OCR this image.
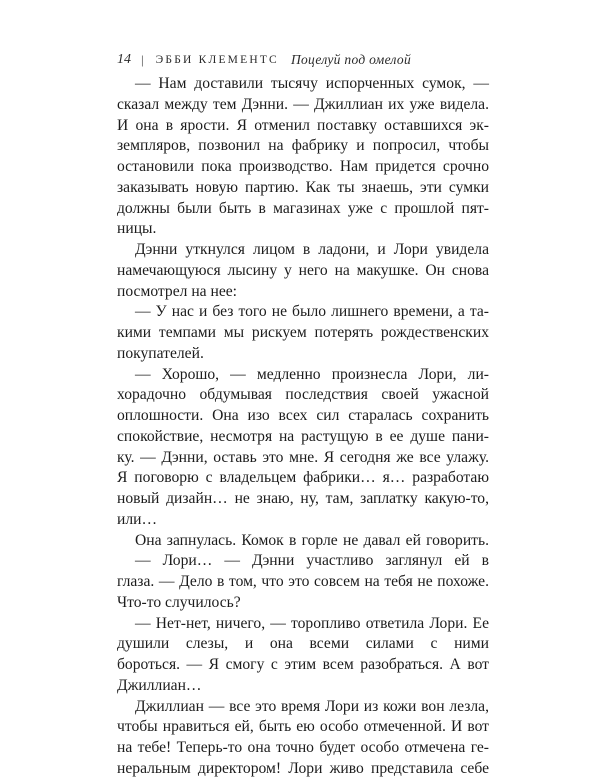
14 | ЭББИ КЛЕМЕНТС Поцелуй под омелой
— Нам доставили тысячу испорченных сумок, —
сказал между тем Дэнни. — Джиллиан их уже видела.
И она в ярости. Я отменил поставку оставшихся эк-
земпляров, позвонил на фабрику и попросил, чтобы
остановили пока производство. Нам придется срочно
заказывать новую партию. Как ты знаешь, эти сумки
должны были быть в магазинах уже с прошлой пят-
ницы.
Дэнни уткнулся лицом в ладони, и Лори увидела
намечающуюся лысину у него на макушке. Он снова
посмотрел на нее:
— У нас и без того не было лишнего времени, а та-
кими темпами мы рискуем потерять рождественских
покупателей.
— Хорошо, — медленно произнесла Лори, ли-
хорадочно обдумывая последствия своей ужасной
оплошности. Она изо всех сил старалась сохранить
спокойствие, несмотря на растущую в ее душе пани-
ку. — Дэнни, оставь это мне. Я сегодня же все улажу.
Я поговорю с владельцем фабрики… я… разработаю
новый дизайн… не знаю, ну, там, заплатку какую-то,
или…
Она запнулась. Комок в горле не давал ей говорить.
— Лори… — Дэнни участливо заглянул ей в
глаза. — Дело в том, что это совсем на тебя не похоже.
Что-то случилось?
— Нет-нет, ничего, — торопливо ответила Лори. Ее
душили слезы, и она всеми силами с ними
бороться. — Я смогу с этим всем разобраться. А вот
Джиллиан…
Джиллиан — все это время Лори из кожи вон лезла,
чтобы нравиться ей, быть ею особо отмеченной. И вот
на тебе! Теперь-то она точно будет особо отмечена ге-
неральным директором! Лори живо представила себе
